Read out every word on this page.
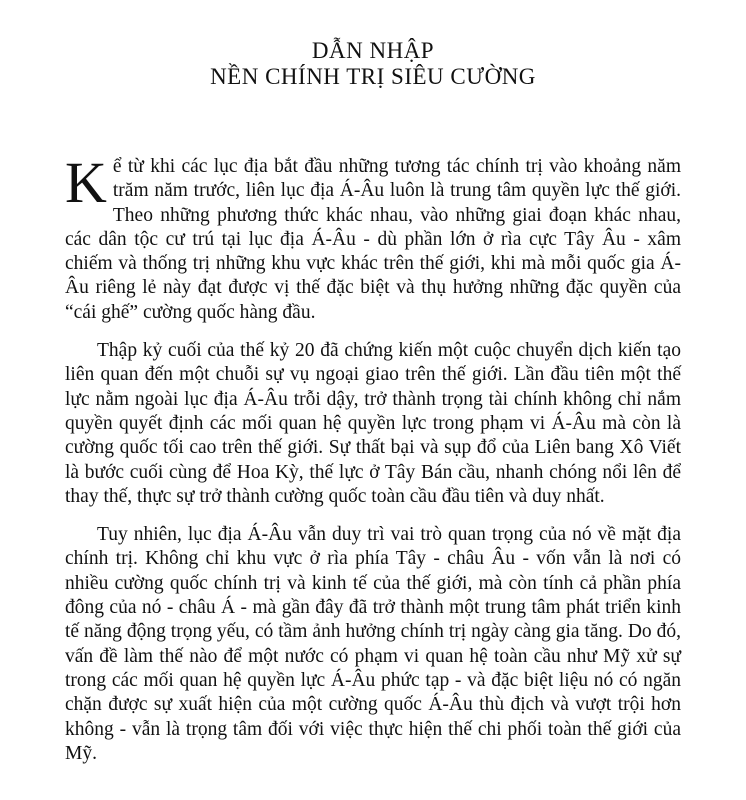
DẪN NHẬP
NỀN CHÍNH TRỊ SIÊU CƯỜNG

Kể từ khi các lục địa bắt đầu những tương tác chính trị vào khoảng năm trăm năm trước, liên lục địa Á-Âu luôn là trung tâm quyền lực thế giới. Theo những phương thức khác nhau, vào những giai đoạn khác nhau, các dân tộc cư trú tại lục địa Á-Âu - dù phần lớn ở rìa cực Tây Âu - xâm chiếm và thống trị những khu vực khác trên thế giới, khi mà mỗi quốc gia Á-Âu riêng lẻ này đạt được vị thế đặc biệt và thụ hưởng những đặc quyền của “cái ghế” cường quốc hàng đầu.

Thập kỷ cuối của thế kỷ 20 đã chứng kiến một cuộc chuyển dịch kiến tạo liên quan đến một chuỗi sự vụ ngoại giao trên thế giới. Lần đầu tiên một thế lực nằm ngoài lục địa Á-Âu trỗi dậy, trở thành trọng tài chính không chỉ nắm quyền quyết định các mối quan hệ quyền lực trong phạm vi Á-Âu mà còn là cường quốc tối cao trên thế giới. Sự thất bại và sụp đổ của Liên bang Xô Viết là bước cuối cùng để Hoa Kỳ, thế lực ở Tây Bán cầu, nhanh chóng nổi lên để thay thế, thực sự trở thành cường quốc toàn cầu đầu tiên và duy nhất.

Tuy nhiên, lục địa Á-Âu vẫn duy trì vai trò quan trọng của nó về mặt địa chính trị. Không chỉ khu vực ở rìa phía Tây - châu Âu - vốn vẫn là nơi có nhiều cường quốc chính trị và kinh tế của thế giới, mà còn tính cả phần phía đông của nó - châu Á - mà gần đây đã trở thành một trung tâm phát triển kinh tế năng động trọng yếu, có tầm ảnh hưởng chính trị ngày càng gia tăng. Do đó, vấn đề làm thế nào để một nước có phạm vi quan hệ toàn cầu như Mỹ xử sự trong các mối quan hệ quyền lực Á-Âu phức tạp - và đặc biệt liệu nó có ngăn chặn được sự xuất hiện của một cường quốc Á-Âu thù địch và vượt trội hơn không - vẫn là trọng tâm đối với việc thực hiện thế chi phối toàn thế giới của Mỹ.
